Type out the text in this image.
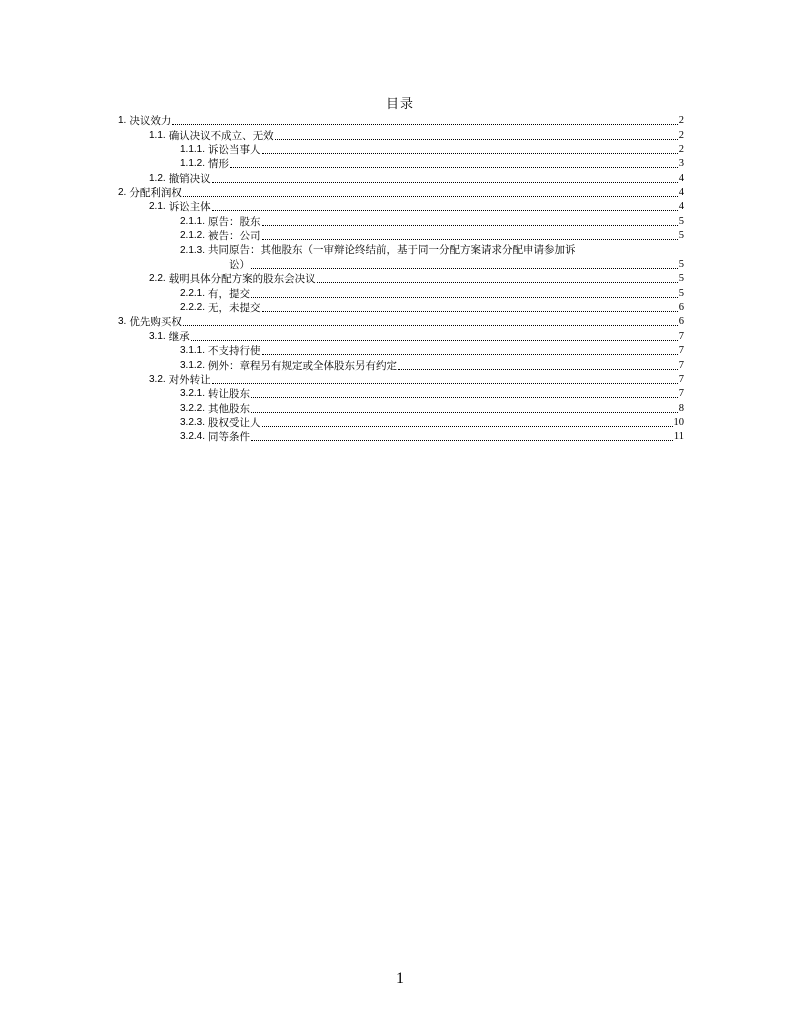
目录
1. 决议效力	2
1.1. 确认决议不成立、无效	2
1.1.1. 诉讼当事人	2
1.1.2. 情形	3
1.2. 撤销决议	4
2. 分配利润权	4
2.1. 诉讼主体	4
2.1.1. 原告：股东	5
2.1.2. 被告：公司	5
2.1.3. 共同原告：其他股东（一审辩论终结前，基于同一分配方案请求分配申请参加诉
讼）	5
2.2. 载明具体分配方案的股东会决议	5
2.2.1. 有，提交	5
2.2.2. 无，未提交	6
3. 优先购买权	6
3.1. 继承	7
3.1.1. 不支持行使	7
3.1.2. 例外：章程另有规定或全体股东另有约定	7
3.2. 对外转让	7
3.2.1. 转让股东	7
3.2.2. 其他股东	8
3.2.3. 股权受让人	10
3.2.4. 同等条件	11
1
